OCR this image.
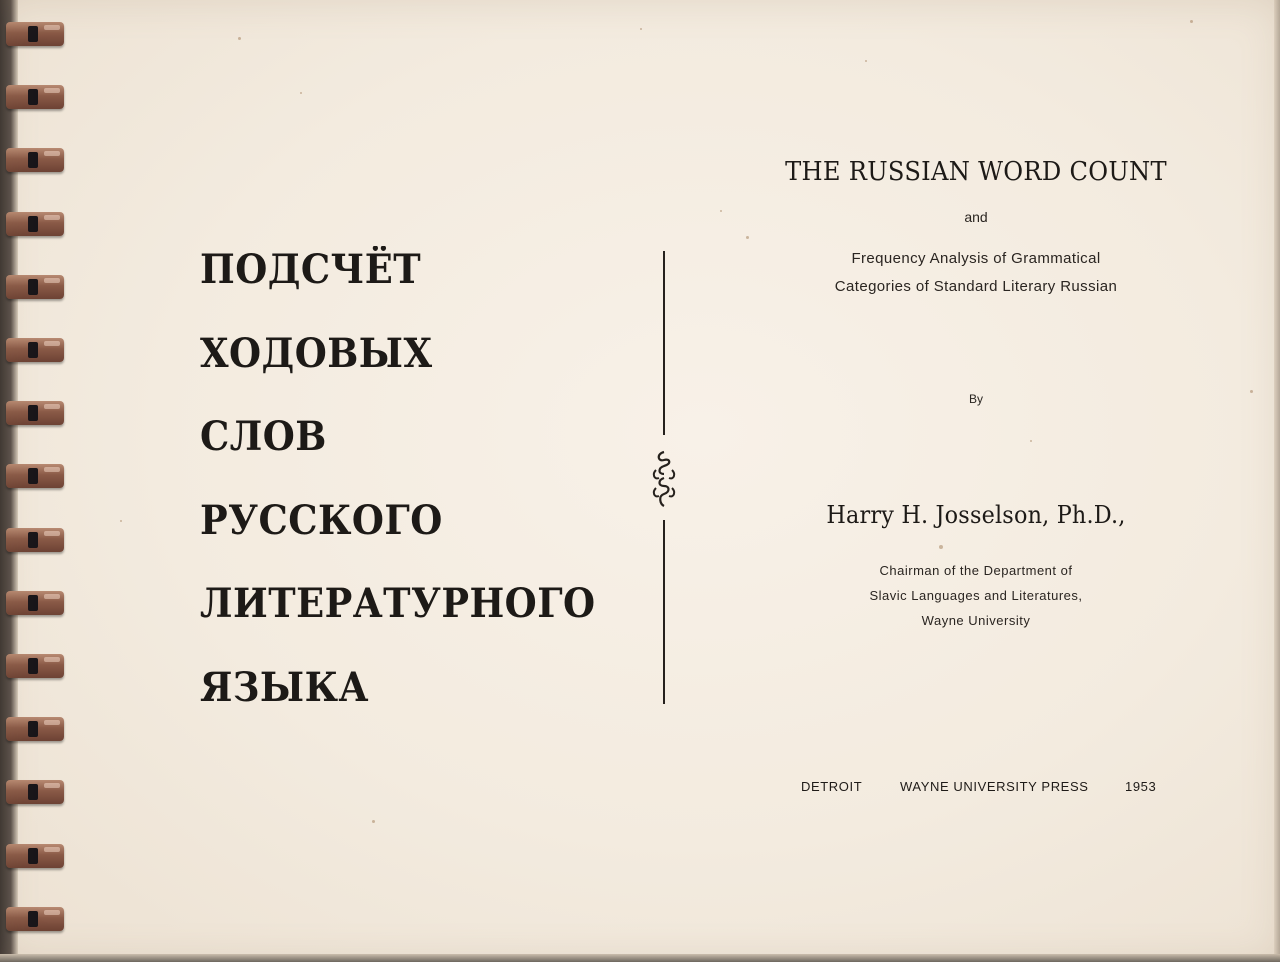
ПОДСЧЁТ
ХОДОВЫХ
СЛОВ
РУССКОГО
ЛИТЕРАТУРНОГО
ЯЗЫКА
THE RUSSIAN WORD COUNT
and
Frequency Analysis of Grammatical
Categories of Standard Literary Russian
By
Harry H. Josselson, Ph.D.,
Chairman of the Department of
Slavic Languages and Literatures,
Wayne University
DETROIT	WAYNE UNIVERSITY PRESS	1953
